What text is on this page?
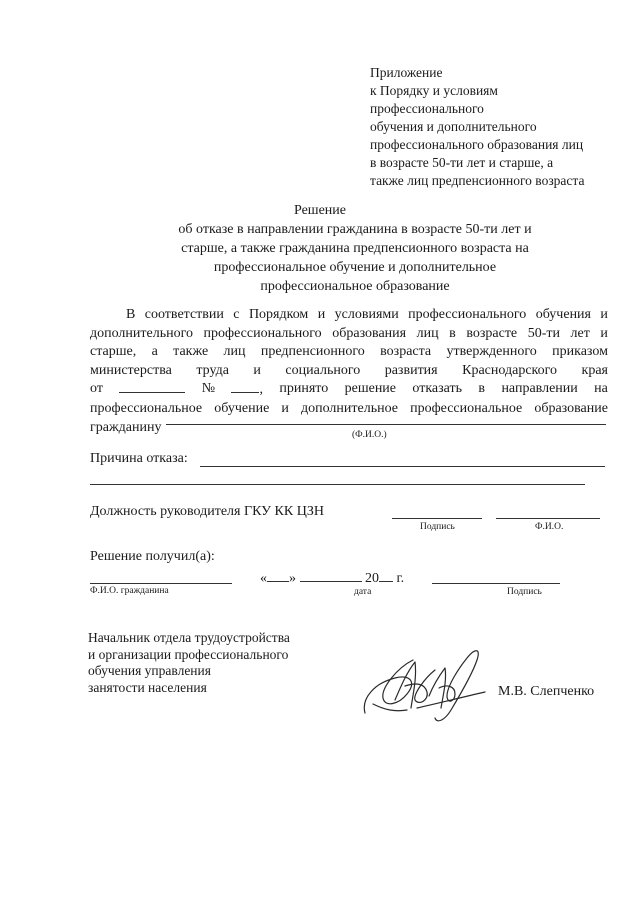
Приложение
к Порядку и условиям
профессионального
обучения и дополнительного
профессионального образования лиц
в возрасте 50-ти лет и старше, а
также лиц предпенсионного возраста
Решение
об отказе в направлении гражданина в возрасте 50-ти лет и
старше, а также гражданина предпенсионного возраста на
профессиональное обучение и дополнительное
профессиональное образование
В соответствии с Порядком и условиями профессионального обучения и
дополнительного профессионального образования лиц в возрасте 50-ти лет и
старше, а также лиц предпенсионного возраста утвержденного приказом
министерства труда и социального развития Краснодарского края
от	№	, принято решение отказать в направлении на
профессиональное обучение и дополнительное профессиональное образование
гражданину
(Ф.И.О.)
Причина отказа:
Должность руководителя ГКУ КК ЦЗН
Подпись	Ф.И.О.
Решение получил(а):
« »	20 г.
Ф.И.О. гражданина	дата	Подпись
Начальник отдела трудоустройства
и организации профессионального
обучения управления
занятости населения	М.В. Слепченко
